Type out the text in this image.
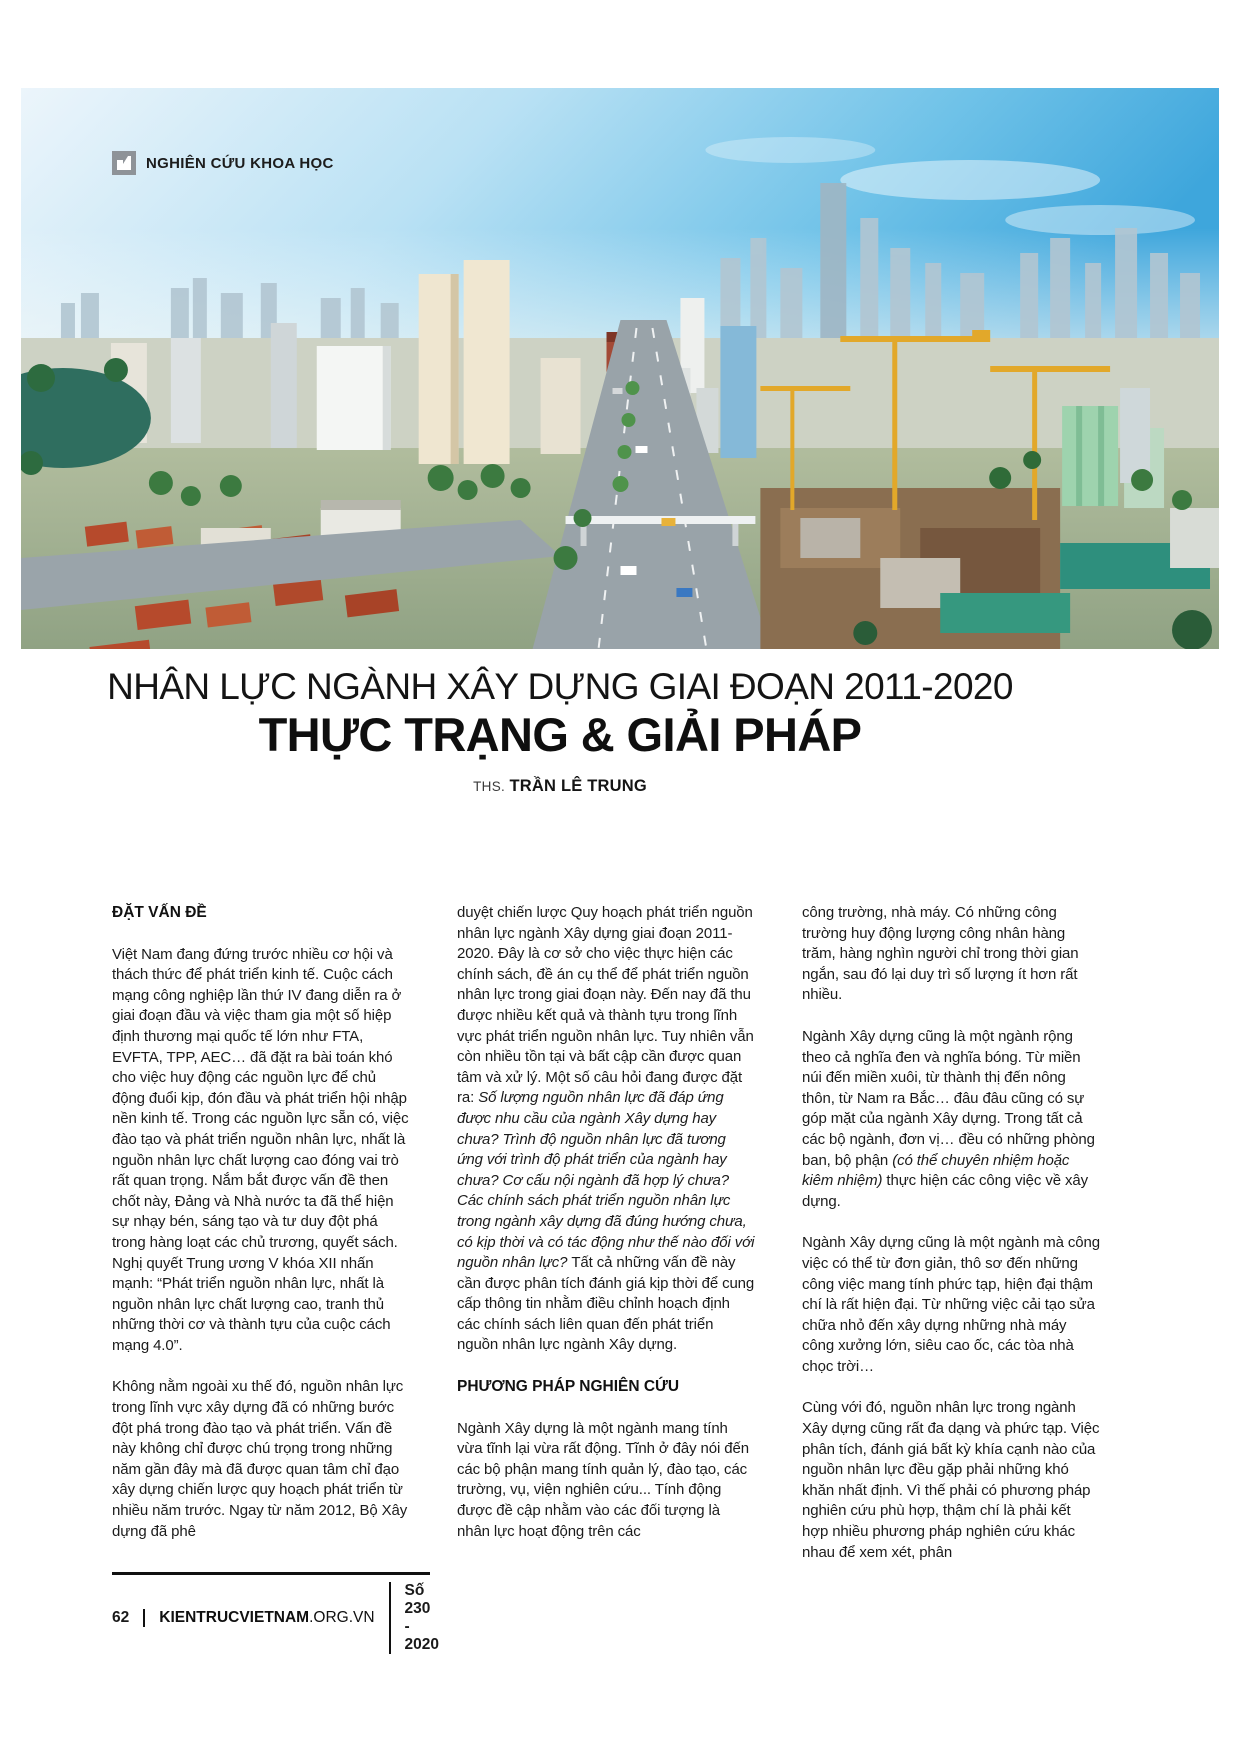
NGHIÊN CỨU KHOA HỌC
NHÂN LỰC NGÀNH XÂY DỰNG GIAI ĐOẠN 2011-2020
THỰC TRẠNG & GIẢI PHÁP
THS. TRẦN LÊ TRUNG
ĐẶT VẤN ĐỀ

Việt Nam đang đứng trước nhiều cơ hội và thách thức để phát triển kinh tế. Cuộc cách mạng công nghiệp lần thứ IV đang diễn ra ở giai đoạn đầu và việc tham gia một số hiệp định thương mại quốc tế lớn như FTA, EVFTA, TPP, AEC… đã đặt ra bài toán khó cho việc huy động các nguồn lực để chủ động đuổi kịp, đón đầu và phát triển hội nhập nền kinh tế. Trong các nguồn lực sẵn có, việc đào tạo và phát triển nguồn nhân lực, nhất là nguồn nhân lực chất lượng cao đóng vai trò rất quan trọng. Nắm bắt được vấn đề then chốt này, Đảng và Nhà nước ta đã thể hiện sự nhạy bén, sáng tạo và tư duy đột phá trong hàng loạt các chủ trương, quyết sách. Nghị quyết Trung ương V khóa XII nhấn mạnh: “Phát triển nguồn nhân lực, nhất là nguồn nhân lực chất lượng cao, tranh thủ những thời cơ và thành tựu của cuộc cách mạng 4.0”.

Không nằm ngoài xu thế đó, nguồn nhân lực trong lĩnh vực xây dựng đã có những bước đột phá trong đào tạo và phát triển. Vấn đề này không chỉ được chú trọng trong những năm gần đây mà đã được quan tâm chỉ đạo xây dựng chiến lược quy hoạch phát triển từ nhiều năm trước. Ngay từ năm 2012, Bộ Xây dựng đã phê

duyệt chiến lược Quy hoạch phát triển nguồn nhân lực ngành Xây dựng giai đoạn 2011-2020. Đây là cơ sở cho việc thực hiện các chính sách, đề án cụ thể để phát triển nguồn nhân lực trong giai đoạn này. Đến nay đã thu được nhiều kết quả và thành tựu trong lĩnh vực phát triển nguồn nhân lực. Tuy nhiên vẫn còn nhiều tồn tại và bất cập cần được quan tâm và xử lý. Một số câu hỏi đang được đặt ra: Số lượng nguồn nhân lực đã đáp ứng được nhu cầu của ngành Xây dựng hay chưa? Trình độ nguồn nhân lực đã tương ứng với trình độ phát triển của ngành hay chưa? Cơ cấu nội ngành đã hợp lý chưa? Các chính sách phát triển nguồn nhân lực trong ngành xây dựng đã đúng hướng chưa, có kịp thời và có tác động như thế nào đối với nguồn nhân lực? Tất cả những vấn đề này cần được phân tích đánh giá kịp thời để cung cấp thông tin nhằm điều chỉnh hoạch định các chính sách liên quan đến phát triển nguồn nhân lực ngành Xây dựng.

PHƯƠNG PHÁP NGHIÊN CỨU

Ngành Xây dựng là một ngành mang tính vừa tĩnh lại vừa rất động. Tĩnh ở đây nói đến các bộ phận mang tính quản lý, đào tạo, các trường, vụ, viện nghiên cứu... Tính động được đề cập nhằm vào các đối tượng là nhân lực hoạt động trên các

công trường, nhà máy. Có những công trường huy động lượng công nhân hàng trăm, hàng nghìn người chỉ trong thời gian ngắn, sau đó lại duy trì số lượng ít hơn rất nhiều.

Ngành Xây dựng cũng là một ngành rộng theo cả nghĩa đen và nghĩa bóng. Từ miền núi đến miền xuôi, từ thành thị đến nông thôn, từ Nam ra Bắc… đâu đâu cũng có sự góp mặt của ngành Xây dựng. Trong tất cả các bộ ngành, đơn vị… đều có những phòng ban, bộ phận (có thể chuyên nhiệm hoặc kiêm nhiệm) thực hiện các công việc về xây dựng.

Ngành Xây dựng cũng là một ngành mà công việc có thể từ đơn giản, thô sơ đến những công việc mang tính phức tạp, hiện đại thậm chí là rất hiện đại. Từ những việc cải tạo sửa chữa nhỏ đến xây dựng những nhà máy công xưởng lớn, siêu cao ốc, các tòa nhà chọc trời…

Cùng với đó, nguồn nhân lực trong ngành Xây dựng cũng rất đa dạng và phức tạp. Việc phân tích, đánh giá bất kỳ khía cạnh nào của nguồn nhân lực đều gặp phải những khó khăn nhất định. Vì thế phải có phương pháp nghiên cứu phù hợp, thậm chí là phải kết hợp nhiều phương pháp nghiên cứu khác nhau để xem xét, phân

62	KIENTRUCVIETNAM.ORG.VN
Số 230 - 2020
